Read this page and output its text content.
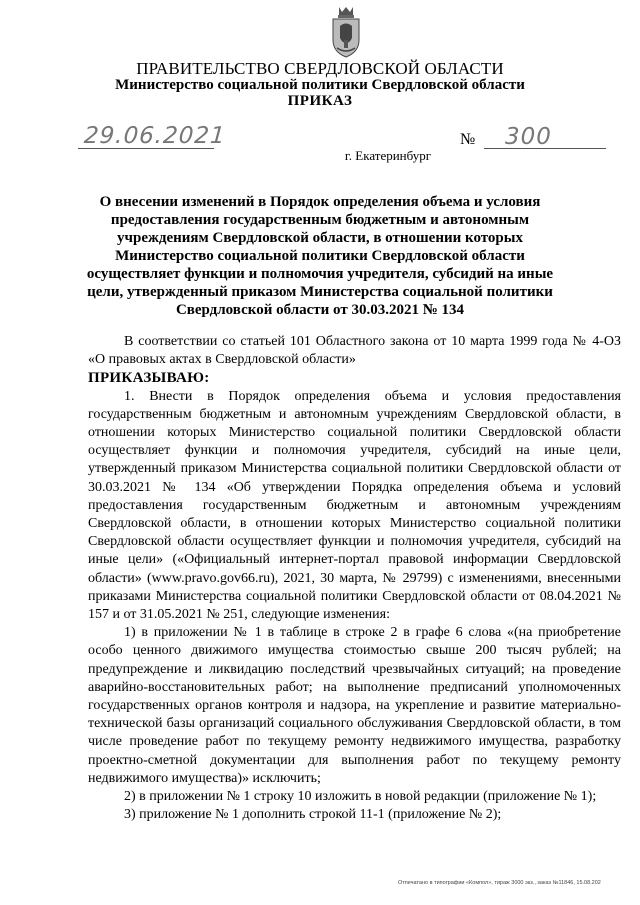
ПРАВИТЕЛЬСТВО СВЕРДЛОВСКОЙ ОБЛАСТИ
Министерство социальной политики Свердловской области
ПРИКАЗ
29.06.2021	№ 300
г. Екатеринбург
О внесении изменений в Порядок определения объема и условия предоставления государственным бюджетным и автономным учреждениям Свердловской области, в отношении которых Министерство социальной политики Свердловской области осуществляет функции и полномочия учредителя, субсидий на иные цели, утвержденный приказом Министерства социальной политики Свердловской области от 30.03.2021 № 134

В соответствии со статьей 101 Областного закона от 10 марта 1999 года № 4-ОЗ «О правовых актах в Свердловской области»

ПРИКАЗЫВАЮ:

1. Внести в Порядок определения объема и условия предоставления государственным бюджетным и автономным учреждениям Свердловской области, в отношении которых Министерство социальной политики Свердловской области осуществляет функции и полномочия учредителя, субсидий на иные цели, утвержденный приказом Министерства социальной политики Свердловской области от 30.03.2021 № 134 «Об утверждении Порядка определения объема и условий предоставления государственным бюджетным и автономным учреждениям Свердловской области, в отношении которых Министерство социальной политики Свердловской области осуществляет функции и полномочия учредителя, субсидий на иные цели» («Официальный интернет-портал правовой информации Свердловской области» (www.pravo.gov66.ru), 2021, 30 марта, № 29799) с изменениями, внесенными приказами Министерства социальной политики Свердловской области от 08.04.2021 № 157 и от 31.05.2021 № 251, следующие изменения:

1) в приложении № 1 в таблице в строке 2 в графе 6 слова «(на приобретение особо ценного движимого имущества стоимостью свыше 200 тысяч рублей; на предупреждение и ликвидацию последствий чрезвычайных ситуаций; на проведение аварийно-восстановительных работ; на выполнение предписаний уполномоченных государственных органов контроля и надзора, на укрепление и развитие материально-технической базы организаций социального обслуживания Свердловской области, в том числе проведение работ по текущему ремонту недвижимого имущества, разработку проектно-сметной документации для выполнения работ по текущему ремонту недвижимого имущества)» исключить;

2) в приложении № 1 строку 10 изложить в новой редакции (приложение № 1);

3) приложение № 1 дополнить строкой 11-1 (приложение № 2);

Отпечатано в типографии «Компол», тираж 3000 экз., заказ №11846, 15.08.202
